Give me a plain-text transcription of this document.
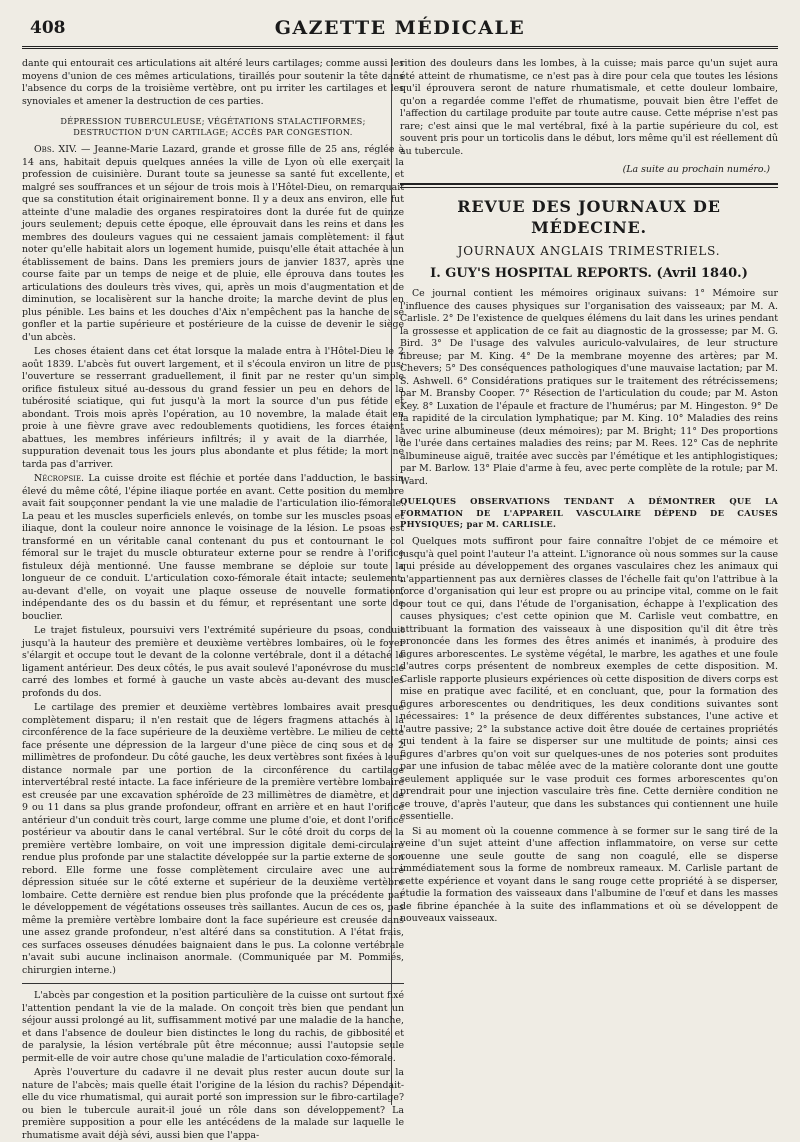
408	GAZETTE MÉDICALE

dante qui entourait ces articulations ait altéré leurs cartilages; comme aussi les moyens d'union de ces mêmes articulations, tiraillés pour soutenir la tête dans l'absence du corps de la troisième vertèbre, ont pu irriter les cartilages et les synoviales et amener la destruction de ces parties.

DÉPRESSION TUBERCULEUSE; VÉGÉTATIONS STALACTIFORMES; DESTRUCTION D'UN CARTILAGE; ACCÈS PAR CONGESTION.

Obs. XIV. — Jeanne-Marie Lazard, grande et grosse fille de 25 ans, réglée à 14 ans, habitait depuis quelques années la ville de Lyon où elle exerçait la profession de cuisinière. Durant toute sa jeunesse sa santé fut excellente, et malgré ses souffrances et un séjour de trois mois à l'Hôtel-Dieu, on remarquait que sa constitution était originairement bonne. Il y a deux ans environ, elle fut atteinte d'une maladie des organes respiratoires dont la durée fut de quinze jours seulement; depuis cette époque, elle éprouvait dans les reins et dans les membres des douleurs vagues qui ne cessaient jamais complètement: il faut noter qu'elle habitait alors un logement humide, puisqu'elle était attachée à un établissement de bains. Dans les premiers jours de janvier 1837, après une course faite par un temps de neige et de pluie, elle éprouva dans toutes les articulations des douleurs très vives, qui, après un mois d'augmentation et de diminution, se localisèrent sur la hanche droite; la marche devint de plus en plus pénible. Les bains et les douches d'Aix n'empêchent pas la hanche de se gonfler et la partie supérieure et postérieure de la cuisse de devenir le siège d'un abcès.

Les choses étaient dans cet état lorsque la malade entra à l'Hôtel-Dieu le 2 août 1839. L'abcès fut ouvert largement, et il s'écoula environ un litre de pus; l'ouverture se resserrant graduellement, il finit par ne rester qu'un simple orifice fistuleux situé au-dessous du grand fessier un peu en dehors de la tubérosité sciatique, qui fut jusqu'à la mort la source d'un pus fétide et abondant. Trois mois après l'opération, au 10 novembre, la malade était en proie à une fièvre grave avec redoublements quotidiens, les forces étaient abattues, les membres inférieurs infiltrés; il y avait de la diarrhée, la suppuration devenait tous les jours plus abondante et plus fétide; la mort ne tarda pas d'arriver.

Nécropsie. La cuisse droite est fléchie et portée dans l'adduction, le bassin élevé du même côté, l'épine iliaque portée en avant. Cette position du membre avait fait soupçonner pendant la vie une maladie de l'articulation ilio-fémorale. La peau et les muscles superficiels enlevés, on tombe sur les muscles psoas et iliaque, dont la couleur noire annonce le voisinage de la lésion. Le psoas est transformé en un véritable canal contenant du pus et contournant le col fémoral sur le trajet du muscle obturateur externe pour se rendre à l'orifice fistuleux déjà mentionné. Une fausse membrane se déploie sur toute la longueur de ce conduit. L'articulation coxo-fémorale était intacte; seulement, au-devant d'elle, on voyait une plaque osseuse de nouvelle formation, indépendante des os du bassin et du fémur, et représentant une sorte de bouclier.

Le trajet fistuleux, poursuivi vers l'extrémité supérieure du psoas, conduit jusqu'à la hauteur des première et deuxième vertèbres lombaires, où le foyer s'élargit et occupe tout le devant de la colonne vertébrale, dont il a détaché le ligament antérieur. Des deux côtés, le pus avait soulevé l'aponévrose du muscle carré des lombes et formé à gauche un vaste abcès au-devant des muscles profonds du dos.

Le cartilage des premier et deuxième vertèbres lombaires avait presque complètement disparu; il n'en restait que de légers fragmens attachés à la circonférence de la face supérieure de la deuxième vertèbre. Le milieu de cette face présente une dépression de la largeur d'une pièce de cinq sous et de 2 millimètres de profondeur. Du côté gauche, les deux vertèbres sont fixées à leur distance normale par une portion de la circonférence du cartilage intervertébral resté intacte. La face inférieure de la première vertèbre lombaire est creusée par une excavation sphéroïde de 23 millimètres de diamètre, et de 9 ou 11 dans sa plus grande profondeur, offrant en arrière et en haut l'orifice antérieur d'un conduit très court, large comme une plume d'oie, et dont l'orifice postérieur va aboutir dans le canal vertébral. Sur le côté droit du corps de la première vertèbre lombaire, on voit une impression digitale demi-circulaire rendue plus profonde par une stalactite développée sur la partie externe de son rebord. Elle forme une fosse complètement circulaire avec une autre dépression située sur le côté externe et supérieur de la deuxième vertèbre lombaire. Cette dernière est rendue bien plus profonde que la précédente par le développement de végétations osseuses très saillantes. Aucun de ces os, pas même la première vertèbre lombaire dont la face supérieure est creusée dans une assez grande profondeur, n'est altéré dans sa constitution. A l'état frais, ces surfaces osseuses dénudées baignaient dans le pus. La colonne vertébrale n'avait subi aucune inclinaison anormale. (Communiquée par M. Pommiés, chirurgien interne.)

L'abcès par congestion et la position particulière de la cuisse ont surtout fixé l'attention pendant la vie de la malade. On conçoit très bien que pendant un séjour aussi prolongé au lit, suffisamment motivé par une maladie de la hanche, et dans l'absence de douleur bien distinctes le long du rachis, de gibbosité et de paralysie, la lésion vertébrale pût être méconnue; aussi l'autopsie seule permit-elle de voir autre chose qu'une maladie de l'articulation coxo-fémorale.

Après l'ouverture du cadavre il ne devait plus rester aucun doute sur la nature de l'abcès; mais quelle était l'origine de la lésion du rachis? Dépendait-elle du vice rhumatismal, qui aurait porté son impression sur le fibro-cartilage? ou bien le tubercule aurait-il joué un rôle dans son développement? La première supposition a pour elle les antécédens de la malade sur laquelle le rhumatisme avait déjà sévi, aussi bien que l'appa-

rition des douleurs dans les lombes, à la cuisse; mais parce qu'un sujet aura été atteint de rhumatisme, ce n'est pas à dire pour cela que toutes les lésions qu'il éprouvera seront de nature rhumatismale, et cette douleur lombaire, qu'on a regardée comme l'effet de rhumatisme, pouvait bien être l'effet de l'affection du cartilage produite par toute autre cause. Cette méprise n'est pas rare; c'est ainsi que le mal vertébral, fixé à la partie supérieure du col, est souvent pris pour un torticolis dans le début, lors même qu'il est réellement dû au tubercule.

(La suite au prochain numéro.)
REVUE DES JOURNAUX DE MÉDECINE.
JOURNAUX ANGLAIS TRIMESTRIELS.
I. GUY'S HOSPITAL REPORTS. (Avril 1840.)

Ce journal contient les mémoires originaux suivans: 1° Mémoire sur l'influence des causes physiques sur l'organisation des vaisseaux; par M. A. Carlisle. 2° De l'existence de quelques élémens du lait dans les urines pendant la grossesse et application de ce fait au diagnostic de la grossesse; par M. G. Bird. 3° De l'usage des valvules auriculo-valvulaires, de leur structure fibreuse; par M. King. 4° De la membrane moyenne des artères; par M. Chevers; 5° Des conséquences pathologiques d'une mauvaise lactation; par M. S. Ashwell. 6° Considérations pratiques sur le traitement des rétrécissemens; par M. Bransby Cooper. 7° Résection de l'articulation du coude; par M. Aston Key. 8° Luxation de l'épaule et fracture de l'humérus; par M. Hingeston. 9° De la rapidité de la circulation lymphatique; par M. King. 10° Maladies des reins avec urine albumineuse (deux mémoires); par M. Bright; 11° Des proportions de l'urée dans certaines maladies des reins; par M. Rees. 12° Cas de nephrite albumineuse aiguë, traitée avec succès par l'émétique et les antiphlogistiques; par M. Barlow. 13° Plaie d'arme à feu, avec perte complète de la rotule; par M. Ward.

QUELQUES OBSERVATIONS TENDANT A DÉMONTRER QUE LA FORMATION DE L'APPAREIL VASCULAIRE DÉPEND DE CAUSES PHYSIQUES; par M. CARLISLE.

Quelques mots suffiront pour faire connaître l'objet de ce mémoire et jusqu'à quel point l'auteur l'a atteint. L'ignorance où nous sommes sur la cause qui préside au développement des organes vasculaires chez les animaux qui n'appartiennent pas aux dernières classes de l'échelle fait qu'on l'attribue à la force d'organisation qui leur est propre ou au principe vital, comme on le fait pour tout ce qui, dans l'étude de l'organisation, échappe à l'explication des causes physiques; c'est cette opinion que M. Carlisle veut combattre, en attribuant la formation des vaisseaux à une disposition qu'il dit être très prononcée dans les formes des êtres animés et inanimés, à produire des figures arborescentes. Le système végétal, le marbre, les agathes et une foule d'autres corps présentent de nombreux exemples de cette disposition. M. Carlisle rapporte plusieurs expériences où cette disposition de divers corps est mise en pratique avec facilité, et en concluant, que, pour la formation des figures arborescentes ou dendritiques, les deux conditions suivantes sont nécessaires: 1° la présence de deux différentes substances, l'une active et l'autre passive; 2° la substance active doit être douée de certaines propriétés qui tendent à la faire se disperser sur une multitude de points; ainsi ces figures d'arbres qu'on voit sur quelques-unes de nos poteries sont produites par une infusion de tabac mêlée avec de la matière colorante dont une goutte seulement appliquée sur le vase produit ces formes arborescentes qu'on prendrait pour une injection vasculaire très fine. Cette dernière condition ne se trouve, d'après l'auteur, que dans les substances qui contiennent une huile essentielle.

Si au moment où la couenne commence à se former sur le sang tiré de la veine d'un sujet atteint d'une affection inflammatoire, on verse sur cette couenne une seule goutte de sang non coagulé, elle se disperse immédiatement sous la forme de nombreux rameaux. M. Carlisle partant de cette expérience et voyant dans le sang rouge cette propriété à se disperser, étudie la formation des vaisseaux dans l'albumine de l'œuf et dans les masses de fibrine épanchée à la suite des inflammations et où se développent de nouveaux vaisseaux.
